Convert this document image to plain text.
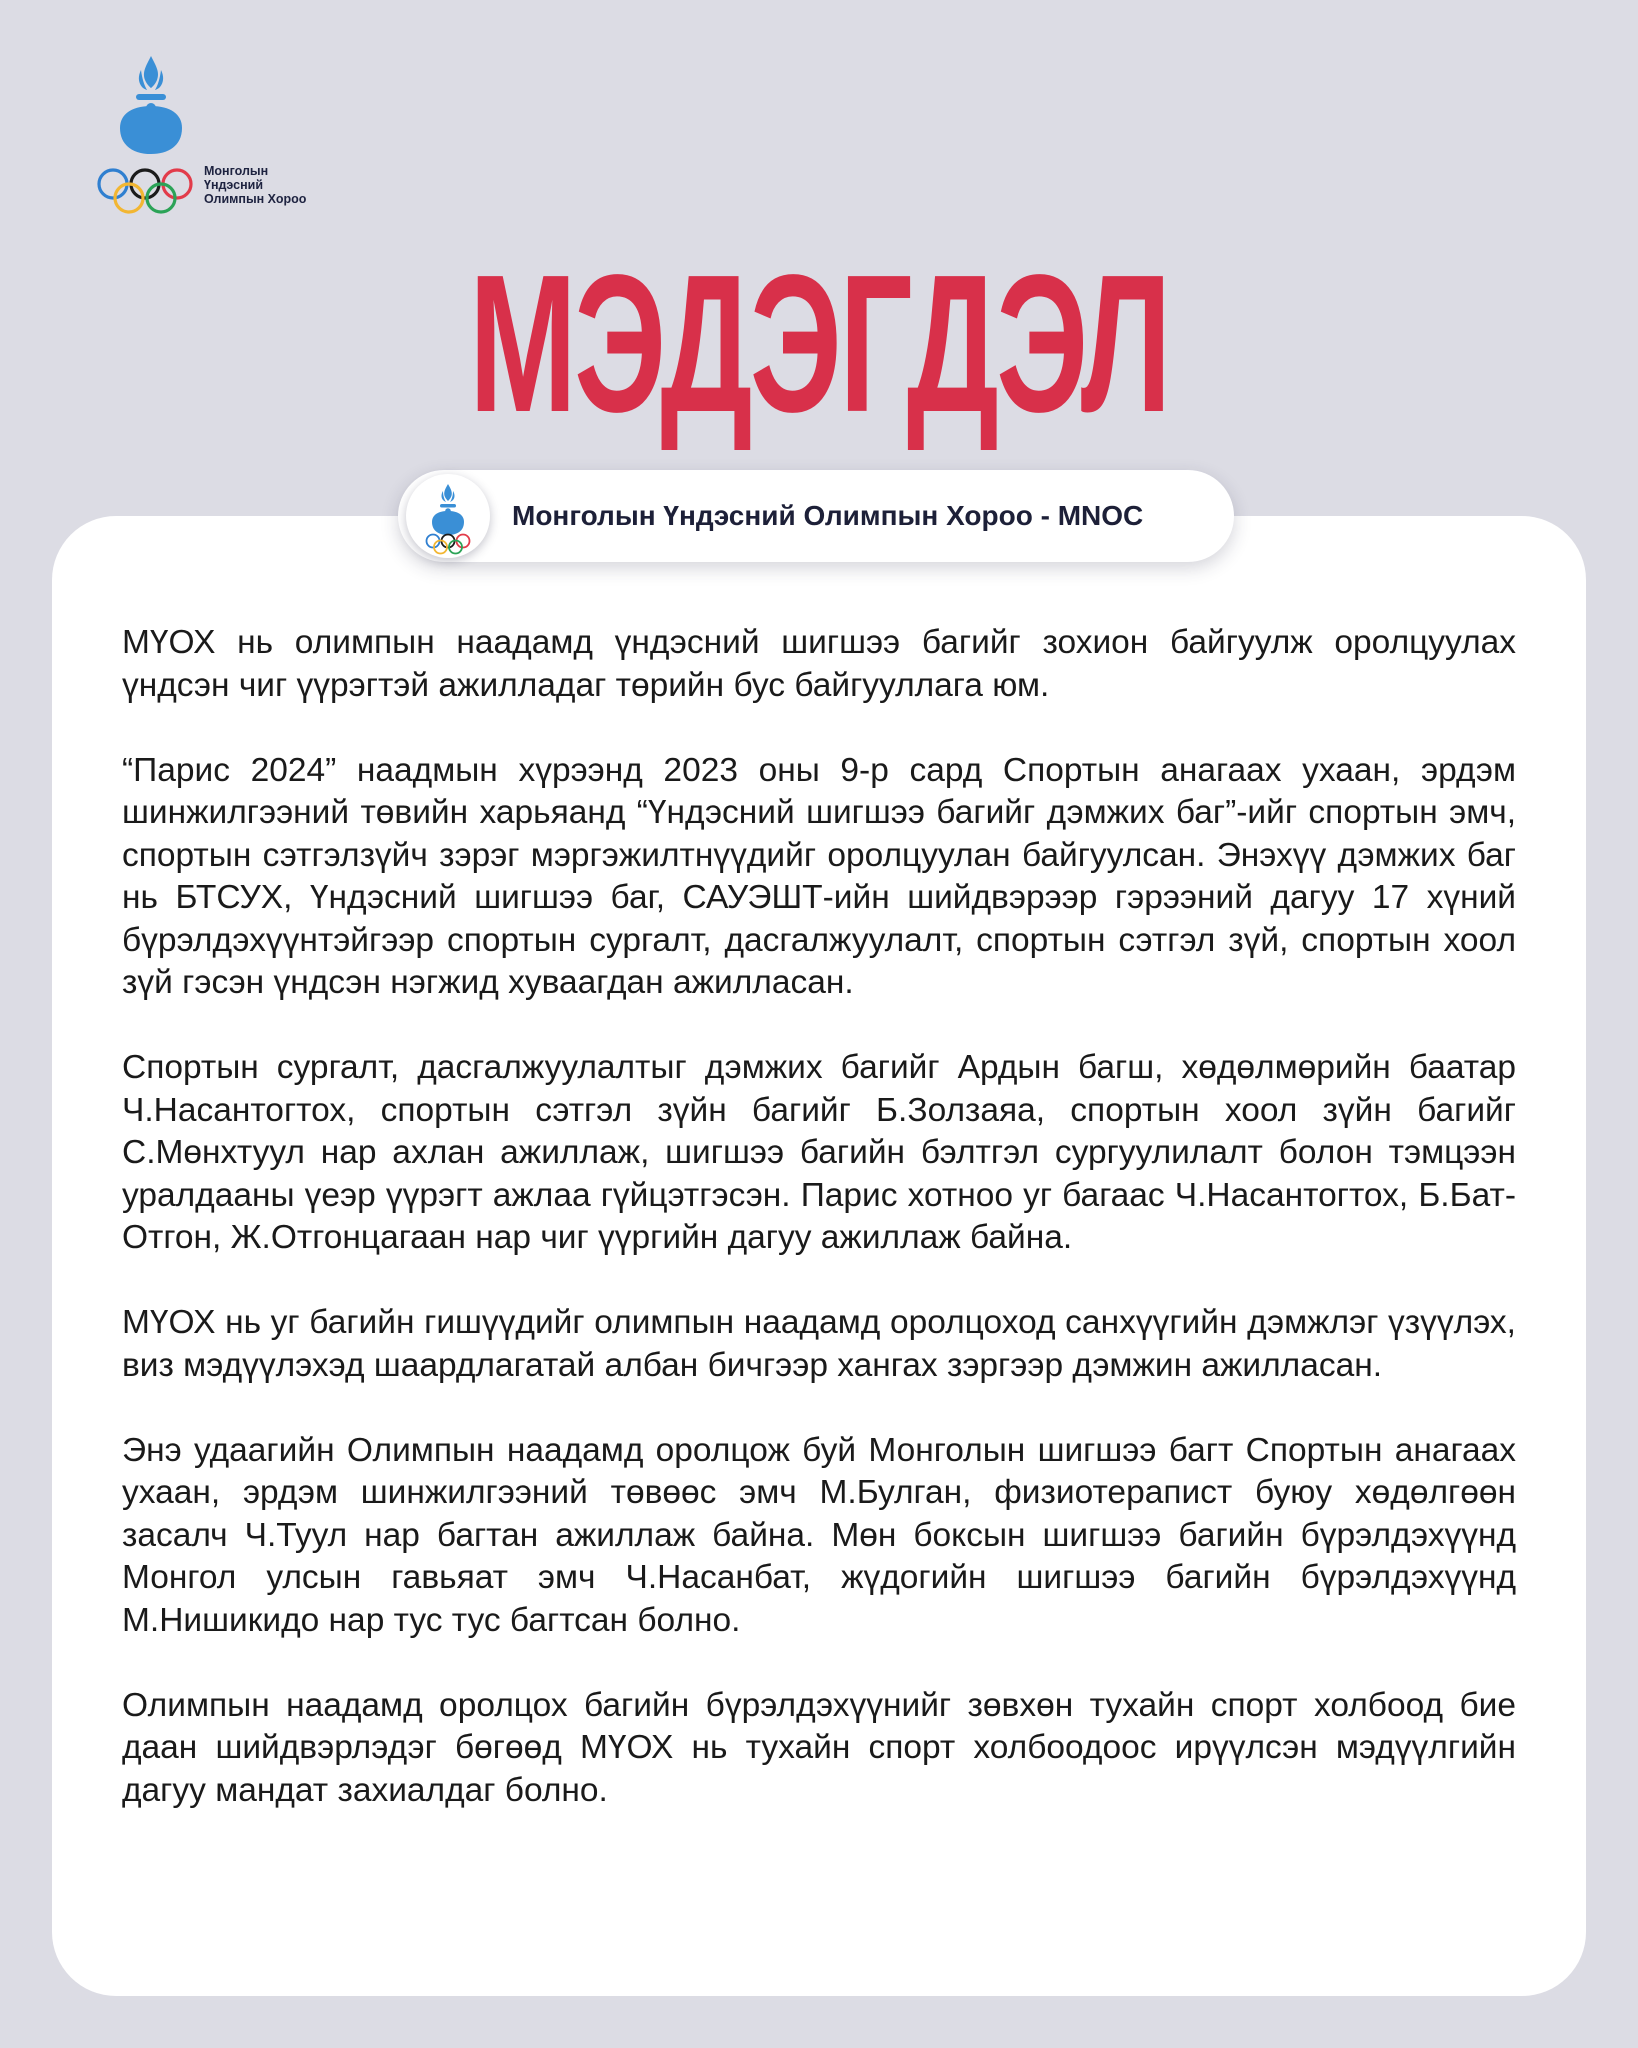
Монголын
Үндэсний
Олимпын Хороо
МЭДЭГДЭЛ
Монголын Үндэсний Олимпын Хороо - MNOC

МҮОХ нь олимпын наадамд үндэсний шигшээ багийг зохион байгуулж оролцуулах үндсэн чиг үүрэгтэй ажилладаг төрийн бус байгууллага юм.

“Парис 2024” наадмын хүрээнд 2023 оны 9-р сард Спортын анагаах ухаан, эрдэм шинжилгээний төвийн харьяанд “Үндэсний шигшээ багийг дэмжих баг”-ийг спортын эмч, спортын сэтгэлзүйч зэрэг мэргэжилтнүүдийг оролцуулан байгуулсан. Энэхүү дэмжих баг нь БТСУХ, Үндэсний шигшээ баг, САУЭШТ-ийн шийдвэрээр гэрээний дагуу 17 хүний бүрэлдэхүүнтэйгээр спортын сургалт, дасгалжуулалт, спортын сэтгэл зүй, спортын хоол зүй гэсэн үндсэн нэгжид хуваагдан ажилласан.

Спортын сургалт, дасгалжуулалтыг дэмжих багийг Ардын багш, хөдөлмөрийн баатар Ч.Насантогтох, спортын сэтгэл зүйн багийг Б.Золзаяа, спортын хоол зүйн багийг С.Мөнхтуул нар ахлан ажиллаж, шигшээ багийн бэлтгэл сургуулилалт болон тэмцээн уралдааны үеэр үүрэгт ажлаа гүйцэтгэсэн. Парис хотноо уг багаас Ч.Насантогтох, Б.Бат-Отгон, Ж.Отгонцагаан нар чиг үүргийн дагуу ажиллаж байна.

МҮОХ нь уг багийн гишүүдийг олимпын наадамд оролцоход санхүүгийн дэмжлэг үзүүлэх, виз мэдүүлэхэд шаардлагатай албан бичгээр хангах зэргээр дэмжин ажилласан.

Энэ удаагийн Олимпын наадамд оролцож буй Монголын шигшээ багт Спортын анагаах ухаан, эрдэм шинжилгээний төвөөс эмч М.Булган, физиотерапист буюу хөдөлгөөн засалч Ч.Туул нар багтан ажиллаж байна. Мөн боксын шигшээ багийн бүрэлдэхүүнд Монгол улсын гавьяат эмч Ч.Насанбат, жүдогийн шигшээ багийн бүрэлдэхүүнд М.Нишикидо нар тус тус багтсан болно.

Олимпын наадамд оролцох багийн бүрэлдэхүүнийг зөвхөн тухайн спорт холбоод бие даан шийдвэрлэдэг бөгөөд МҮОХ нь тухайн спорт холбоодоос ирүүлсэн мэдүүлгийн дагуу мандат захиалдаг болно.
